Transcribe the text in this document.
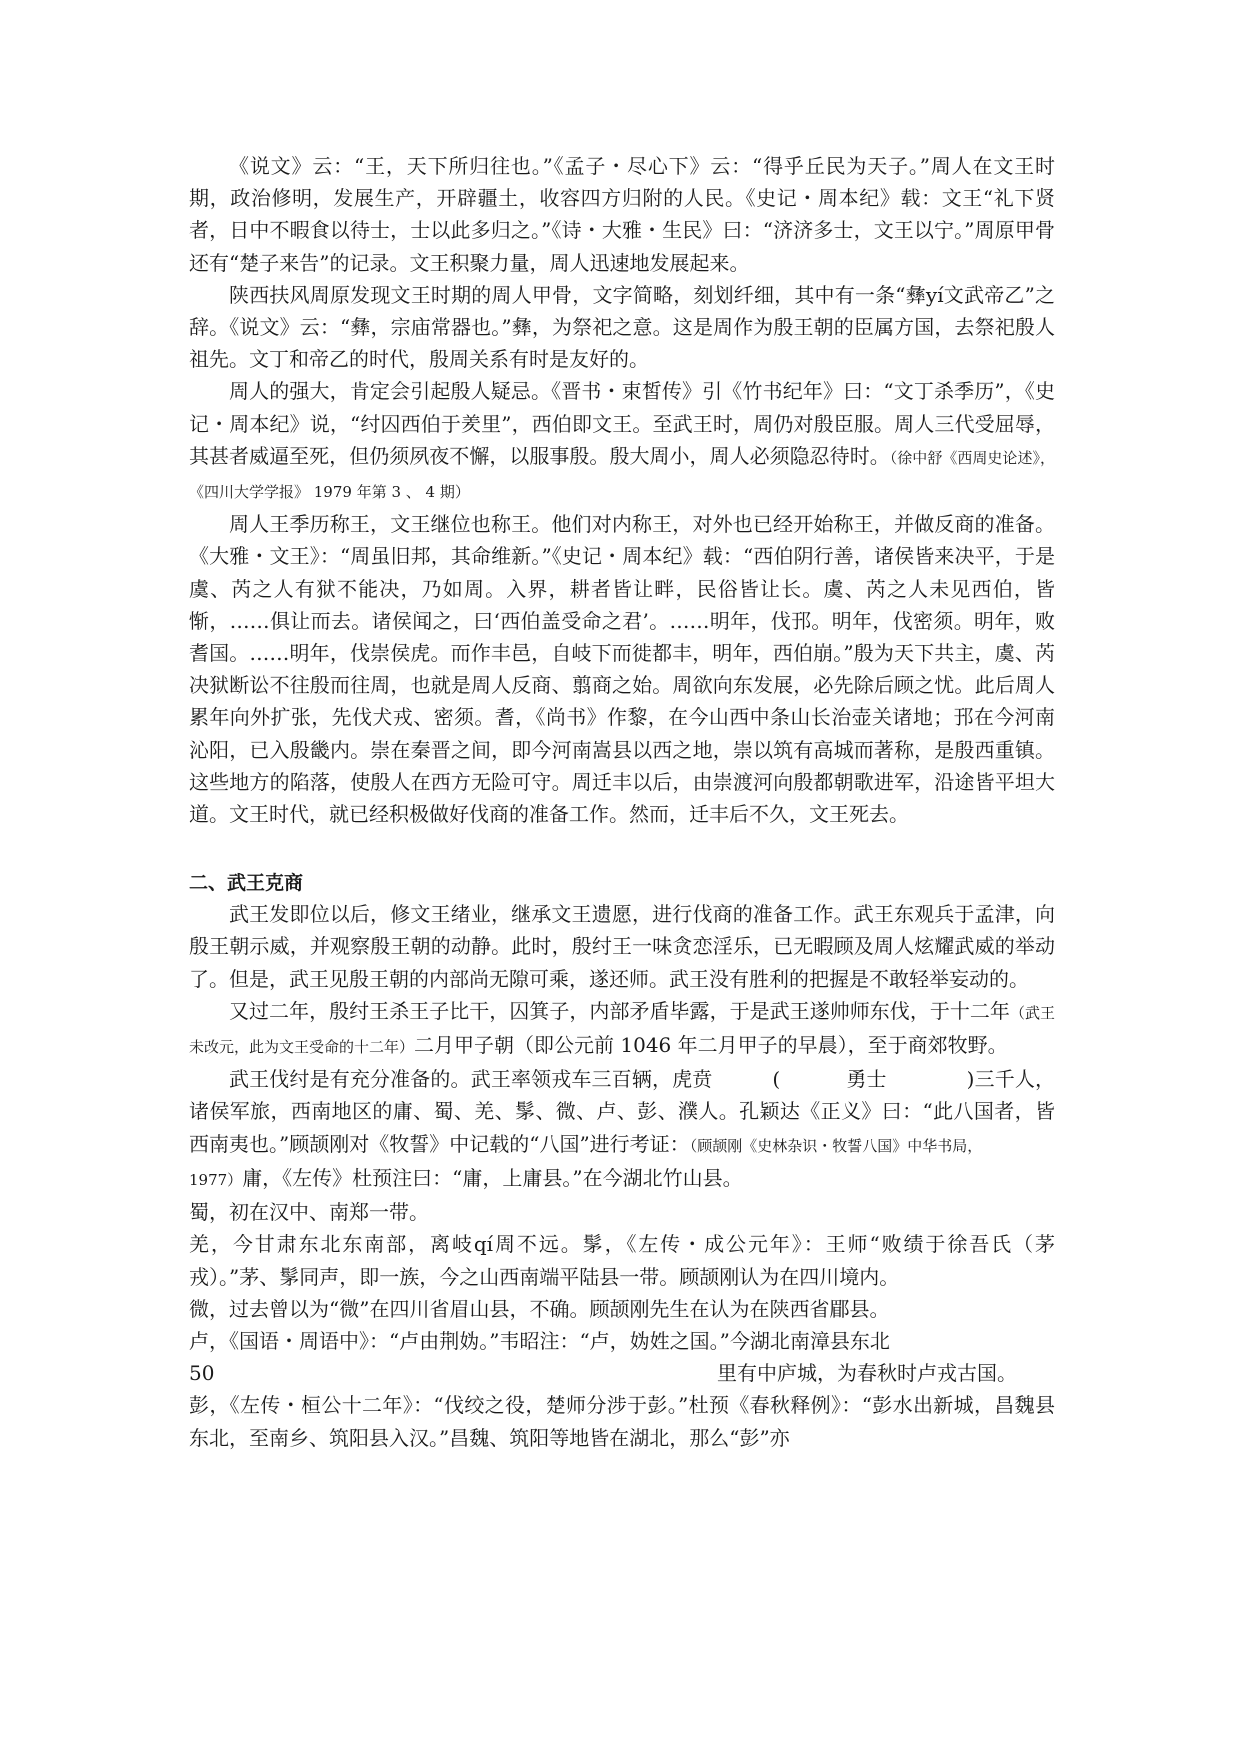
《说文》云：“王，天下所归往也。”《孟子・尽心下》云：“得乎丘民为天子。”周人在文王时期，政治修明，发展生产，开辟疆土，收容四方归附的人民。《史记・周本纪》载：文王“礼下贤者，日中不暇食以待士，士以此多归之。”《诗・大雅・生民》曰：“济济多士，文王以宁。”周原甲骨还有“楚子来告”的记录。文王积聚力量，周人迅速地发展起来。

陕西扶风周原发现文王时期的周人甲骨，文字简略，刻划纤细，其中有一条“彝yí文武帝乙”之辞。《说文》云：“彝，宗庙常器也。”彝，为祭祀之意。这是周作为殷王朝的臣属方国，去祭祀殷人祖先。文丁和帝乙的时代，殷周关系有时是友好的。

周人的强大，肯定会引起殷人疑忌。《晋书・束皙传》引《竹书纪年》曰：“文丁杀季历”，《史记・周本纪》说，“纣囚西伯于羑里”，西伯即文王。至武王时，周仍对殷臣服。周人三代受屈辱，其甚者威逼至死，但仍须夙夜不懈，以服事殷。殷大周小，周人必须隐忍待时。（徐中舒《西周史论述》，《四川大学学报》 1979 年第 3 、 4 期）

周人王季历称王，文王继位也称王。他们对内称王，对外也已经开始称王，并做反商的准备。《大雅・文王》：“周虽旧邦，其命维新。”《史记・周本纪》载：“西伯阴行善，诸侯皆来决平，于是虞、芮之人有狱不能决，乃如周。入界，耕者皆让畔，民俗皆让长。虞、芮之人未见西伯，皆惭，……俱让而去。诸侯闻之，曰‘西伯盖受命之君’。……明年，伐邘。明年，伐密须。明年，败耆国。……明年，伐崇侯虎。而作丰邑，自岐下而徙都丰，明年，西伯崩。”殷为天下共主，虞、芮决狱断讼不往殷而往周，也就是周人反商、翦商之始。周欲向东发展，必先除后顾之忧。此后周人累年向外扩张，先伐犬戎、密须。耆，《尚书》作黎，在今山西中条山长治壶关诸地；邘在今河南沁阳，已入殷畿内。崇在秦晋之间，即今河南嵩县以西之地，崇以筑有高城而著称，是殷西重镇。这些地方的陷落，使殷人在西方无险可守。周迁丰以后，由崇渡河向殷都朝歌进军，沿途皆平坦大道。文王时代，就已经积极做好伐商的准备工作。然而，迁丰后不久，文王死去。

二、武王克商

武王发即位以后，修文王绪业，继承文王遗愿，进行伐商的准备工作。武王东观兵于孟津，向殷王朝示威，并观察殷王朝的动静。此时，殷纣王一味贪恋淫乐，已无暇顾及周人炫耀武威的举动了。但是，武王见殷王朝的内部尚无隙可乘，遂还师。武王没有胜利的把握是不敢轻举妄动的。

又过二年，殷纣王杀王子比干，囚箕子，内部矛盾毕露，于是武王遂帅师东伐，于十二年（武王未改元，此为文王受命的十二年）二月甲子朝（即公元前 1046 年二月甲子的早晨），至于商郊牧野。

武王伐纣是有充分准备的。武王率领戎车三百辆，虎贲	(	勇士	)三千人，诸侯军旅，西南地区的庸、蜀、羌、髳、微、卢、彭、濮人。孔颖达《正义》曰：“此八国者，皆西南夷也。”顾颉刚对《牧誓》中记载的“八国”进行考证：（顾颉刚《史林杂识・牧誓八国》中华书局，
1977）庸，《左传》杜预注曰：“庸，上庸县。”在今湖北竹山县。

蜀，初在汉中、南郑一带。

羌，今甘肃东北东南部，离岐qí周不远。髳，《左传・成公元年》：王师“败绩于徐吾氏（茅戎）。”茅、髳同声，即一族，今之山西南端平陆县一带。顾颉刚认为在四川境内。

微，过去曾以为“微”在四川省眉山县，不确。顾颉刚先生在认为在陕西省郿县。

卢，《国语・周语中》：“卢由荆妫。”韦昭注：“卢，妫姓之国。”今湖北南漳县东北

50	里有中庐城，为春秋时卢戎古国。

彭，《左传・桓公十二年》：“伐绞之役，楚师分涉于彭。”杜预《春秋释例》：“彭水出新城，昌魏县东北，至南乡、筑阳县入汉。”昌魏、筑阳等地皆在湖北，那么“彭”亦
